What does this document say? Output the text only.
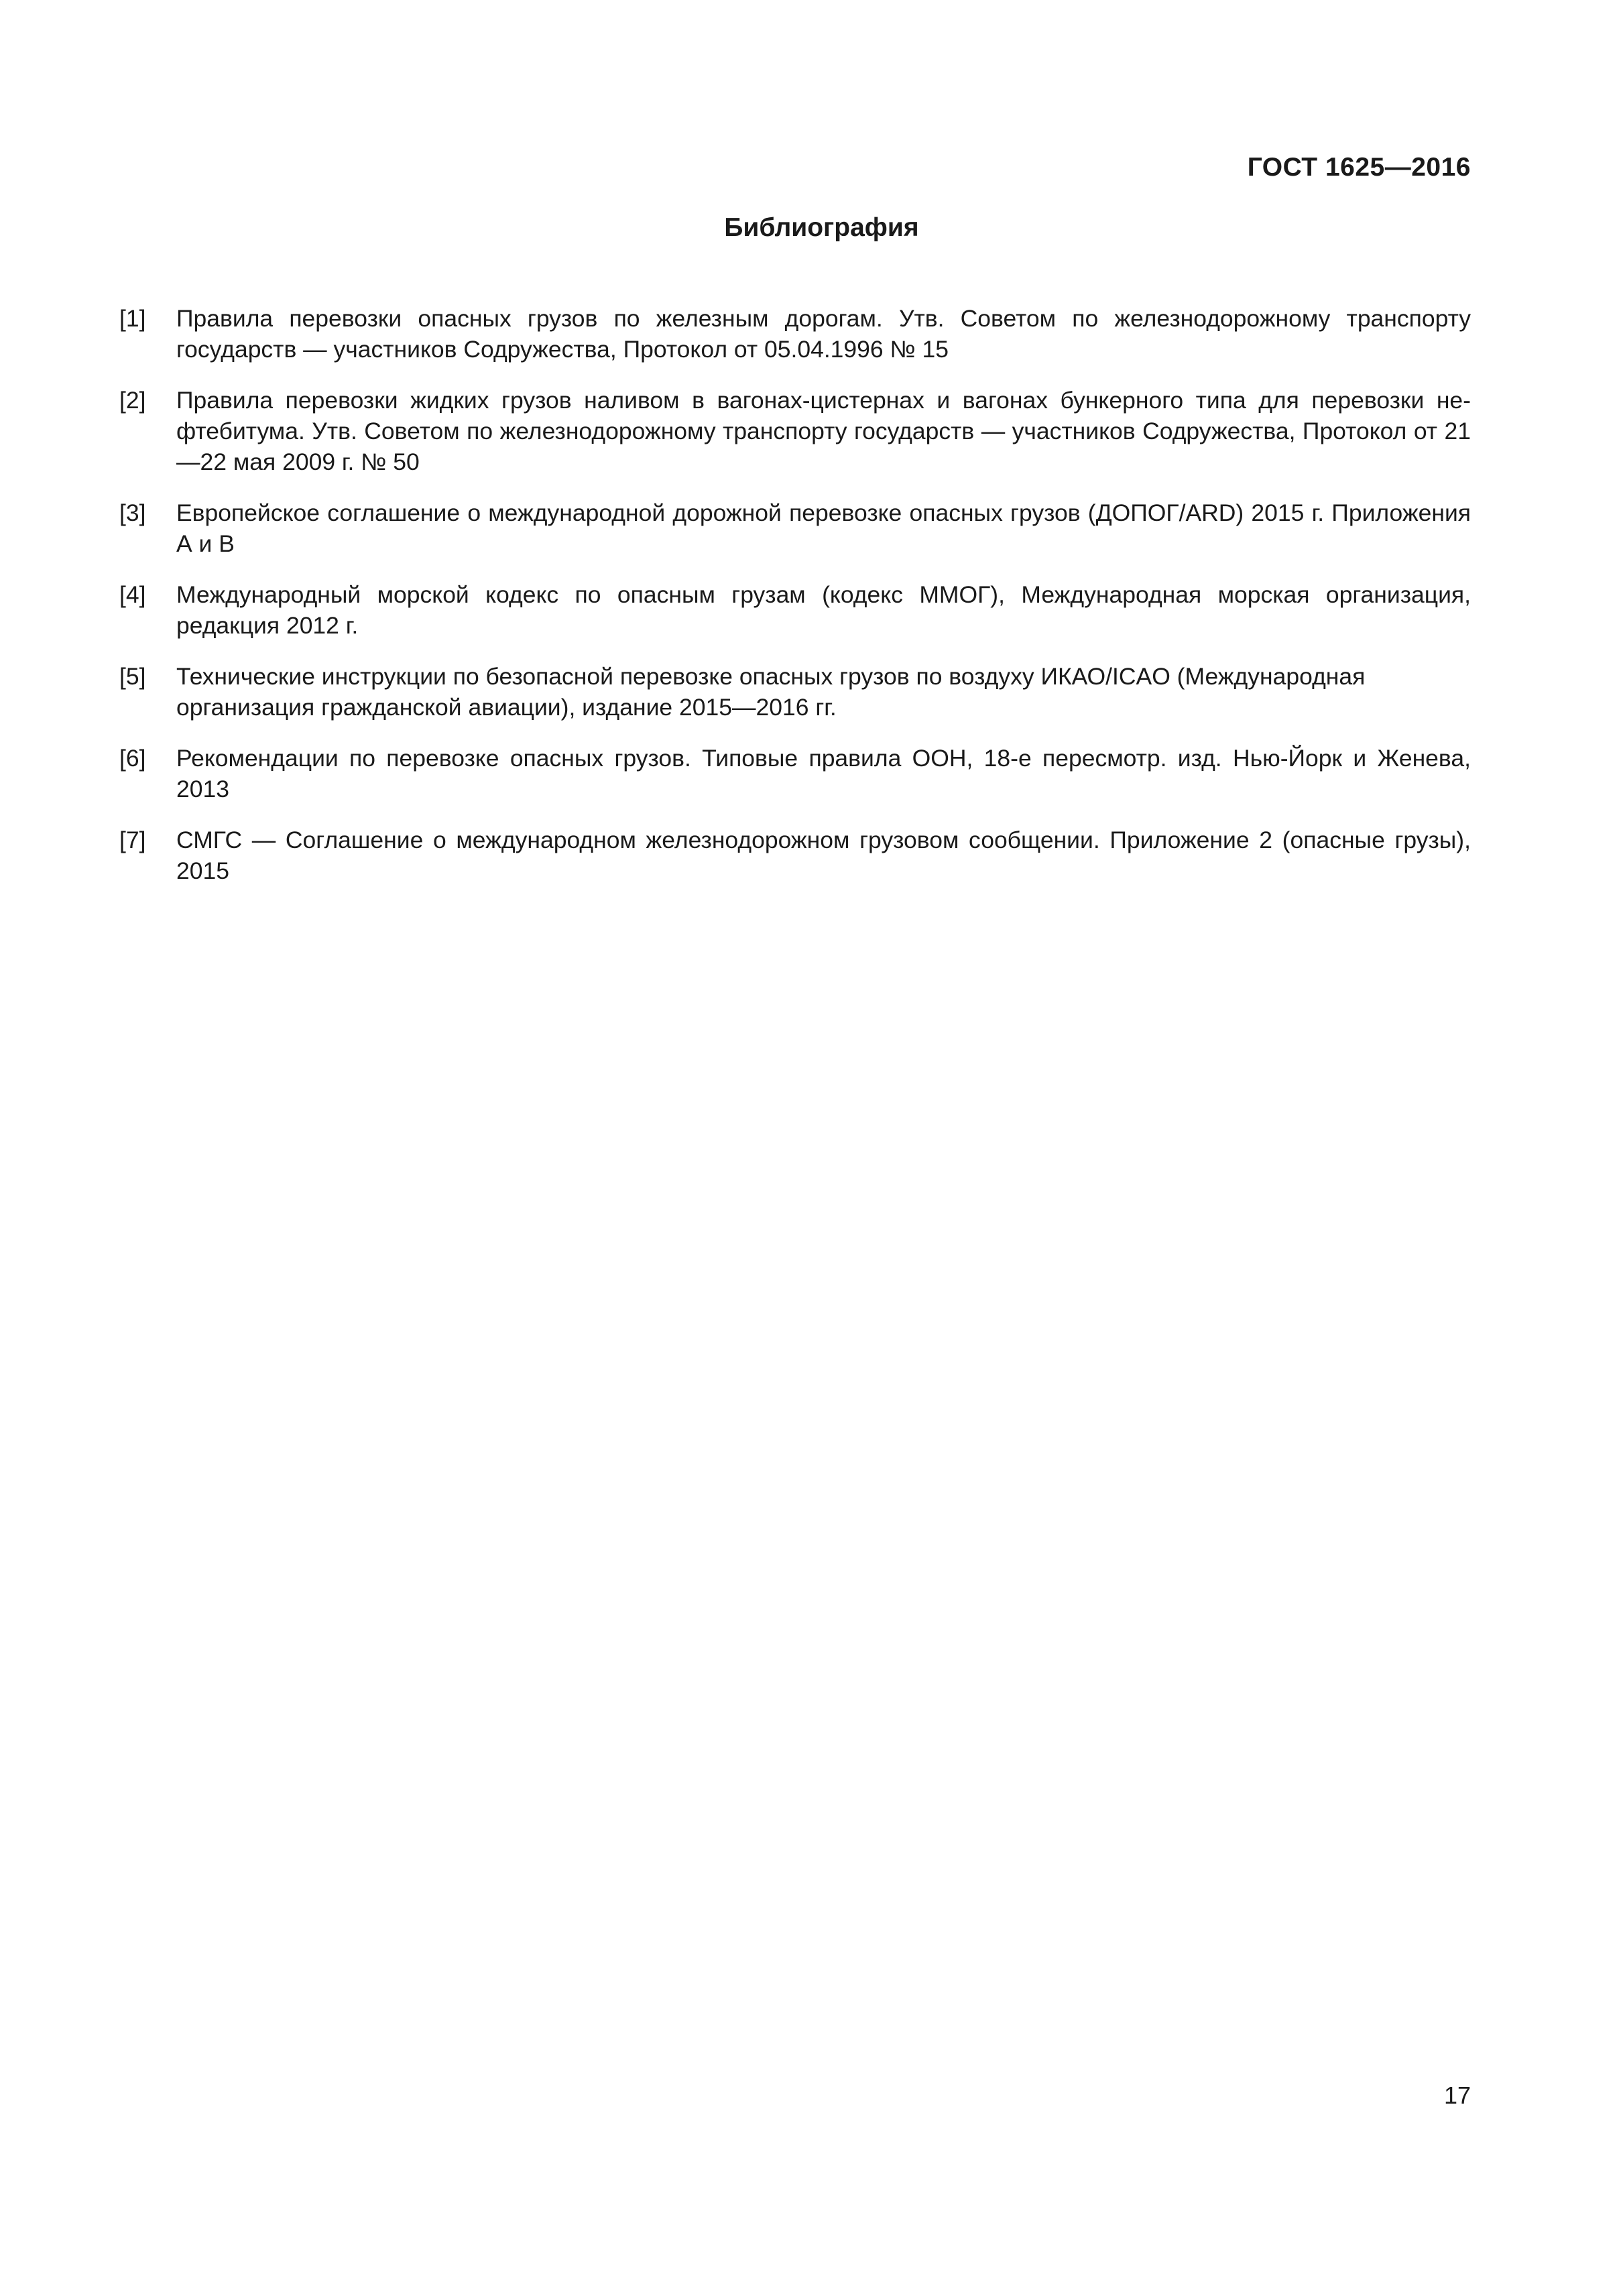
ГОСТ 1625—2016
Библиография
[1] Правила перевозки опасных грузов по железным дорогам. Утв. Советом по железнодорожному транспорту государств — участников Содружества, Протокол от 05.04.1996 № 15
[2] Правила перевозки жидких грузов наливом в вагонах-цистернах и вагонах бункерного типа для перевозки нефтебитума. Утв. Советом по железнодорожному транспорту государств — участников Содружества, Протокол от 21—22 мая 2009 г. № 50
[3] Европейское соглашение о международной дорожной перевозке опасных грузов (ДОПОГ/ARD) 2015 г. Приложения А и В
[4] Международный морской кодекс по опасным грузам (кодекс ММОГ), Международная морская организация, редакция 2012 г.
[5] Технические инструкции по безопасной перевозке опасных грузов по воздуху ИКАО/ICAO (Международная организация гражданской авиации), издание 2015—2016 гг.
[6] Рекомендации по перевозке опасных грузов. Типовые правила ООН, 18-е пересмотр. изд. Нью-Йорк и Женева, 2013
[7] СМГС — Соглашение о международном железнодорожном грузовом сообщении. Приложение 2 (опасные грузы), 2015
17
